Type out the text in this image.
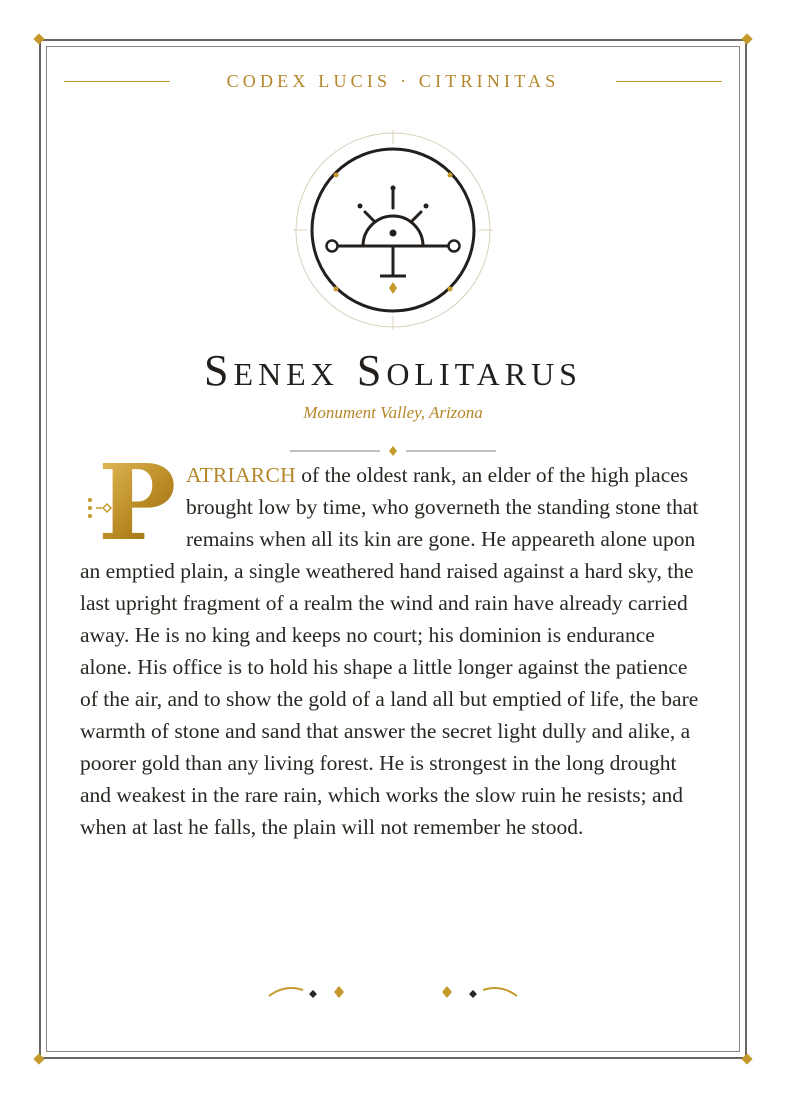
CODEX LUCIS · CITRINITAS
SENEX SOLITARUS
Monument Valley, Arizona
P ATRIARCH of the oldest rank, an elder of the high places brought low by time, who governeth the standing stone that remains when all its kin are gone. He appeareth alone upon an emptied plain, a single weathered hand raised against a hard sky, the last upright fragment of a realm the wind and rain have already carried away. He is no king and keeps no court; his dominion is endurance alone. His office is to hold his shape a little longer against the patience of the air, and to show the gold of a land all but emptied of life, the bare warmth of stone and sand that answer the secret light dully and alike, a poorer gold than any living forest. He is strongest in the long drought and weakest in the rare rain, which works the slow ruin he resists; and when at last he falls, the plain will not remember he stood.
